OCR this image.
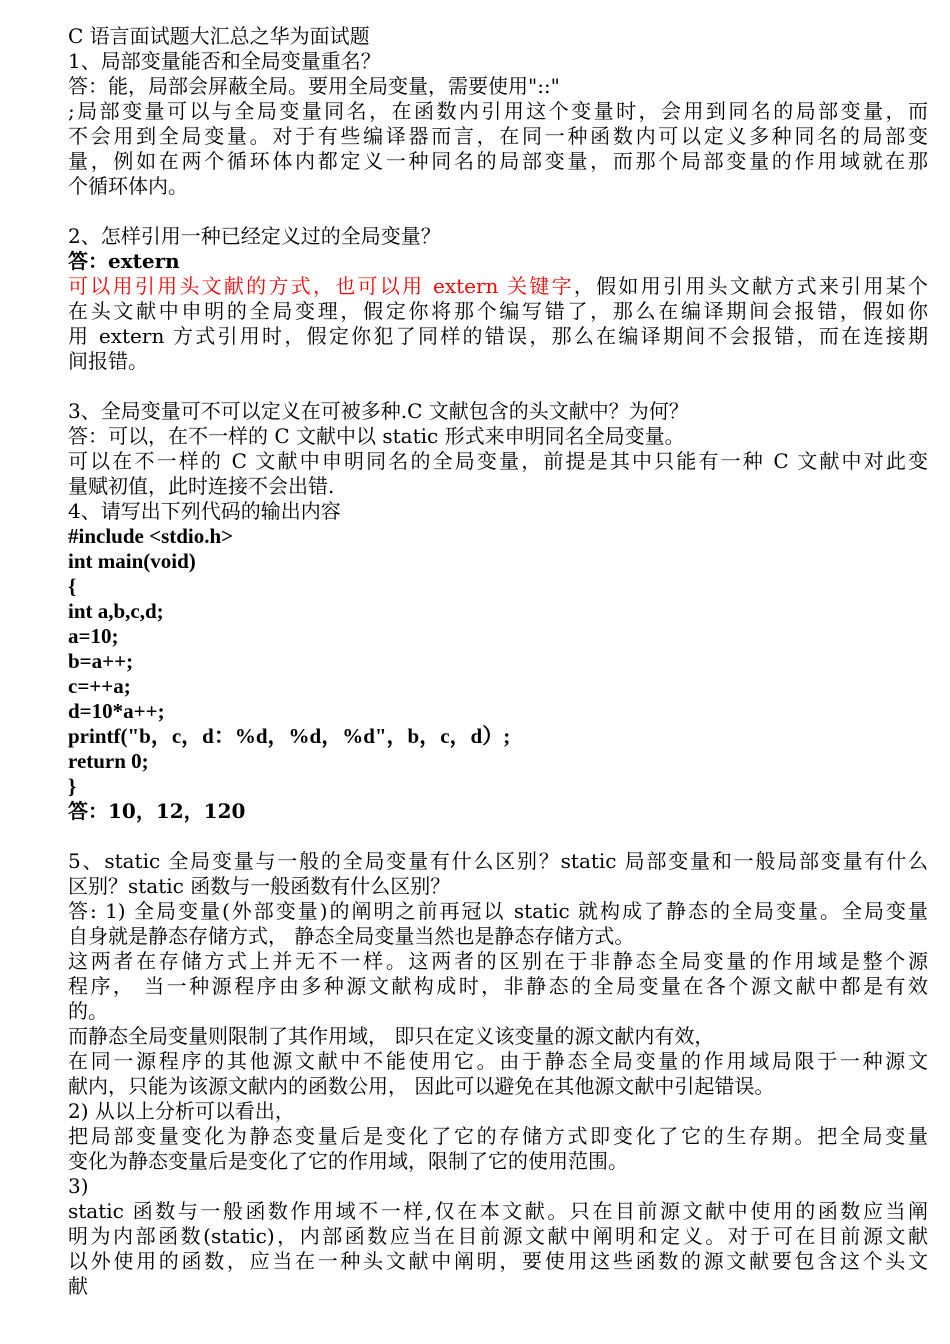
C 语言面试题大汇总之华为面试题
1、局部变量能否和全局变量重名？
答：能，局部会屏蔽全局。要用全局变量，需要使用"::"
;局部变量可以与全局变量同名，在函数内引用这个变量时，会用到同名的局部变量，而
不会用到全局变量。对于有些编译器而言，在同一种函数内可以定义多种同名的局部变
量，例如在两个循环体内都定义一种同名的局部变量，而那个局部变量的作用域就在那
个循环体内。
2、怎样引用一种已经定义过的全局变量？
答：extern
可以用引用头文献的方式，也可以用 extern 关键字，假如用引用头文献方式来引用某个
在头文献中申明的全局变理，假定你将那个编写错了，那么在编译期间会报错，假如你
用 extern 方式引用时，假定你犯了同样的错误，那么在编译期间不会报错，而在连接期
间报错。
3、全局变量可不可以定义在可被多种.C 文献包含的头文献中？为何？
答：可以，在不一样的 C 文献中以 static 形式来申明同名全局变量。
可以在不一样的 C 文献中申明同名的全局变量，前提是其中只能有一种 C 文献中对此变
量赋初值，此时连接不会出错.
4、请写出下列代码的输出内容
#include <stdio.h>
int main(void)
{
int a,b,c,d;
a=10;
b=a++;
c=++a;
d=10*a++;
printf("b，c，d：%d，%d，%d"，b，c，d）;
return 0;
}
答：10，12，120
5、static 全局变量与一般的全局变量有什么区别？static 局部变量和一般局部变量有什么
区别？static 函数与一般函数有什么区别？
答: 1) 全局变量(外部变量)的阐明之前再冠以 static 就构成了静态的全局变量。全局变量
自身就是静态存储方式， 静态全局变量当然也是静态存储方式。
这两者在存储方式上并无不一样。这两者的区别在于非静态全局变量的作用域是整个源
程序， 当一种源程序由多种源文献构成时，非静态的全局变量在各个源文献中都是有效
的。
而静态全局变量则限制了其作用域， 即只在定义该变量的源文献内有效，
在同一源程序的其他源文献中不能使用它。由于静态全局变量的作用域局限于一种源文
献内，只能为该源文献内的函数公用， 因此可以避免在其他源文献中引起错误。
2) 从以上分析可以看出，
把局部变量变化为静态变量后是变化了它的存储方式即变化了它的生存期。把全局变量
变化为静态变量后是变化了它的作用域，限制了它的使用范围。
3)
static 函数与一般函数作用域不一样,仅在本文献。只在目前源文献中使用的函数应当阐
明为内部函数(static)，内部函数应当在目前源文献中阐明和定义。对于可在目前源文献
以外使用的函数，应当在一种头文献中阐明，要使用这些函数的源文献要包含这个头文
献
